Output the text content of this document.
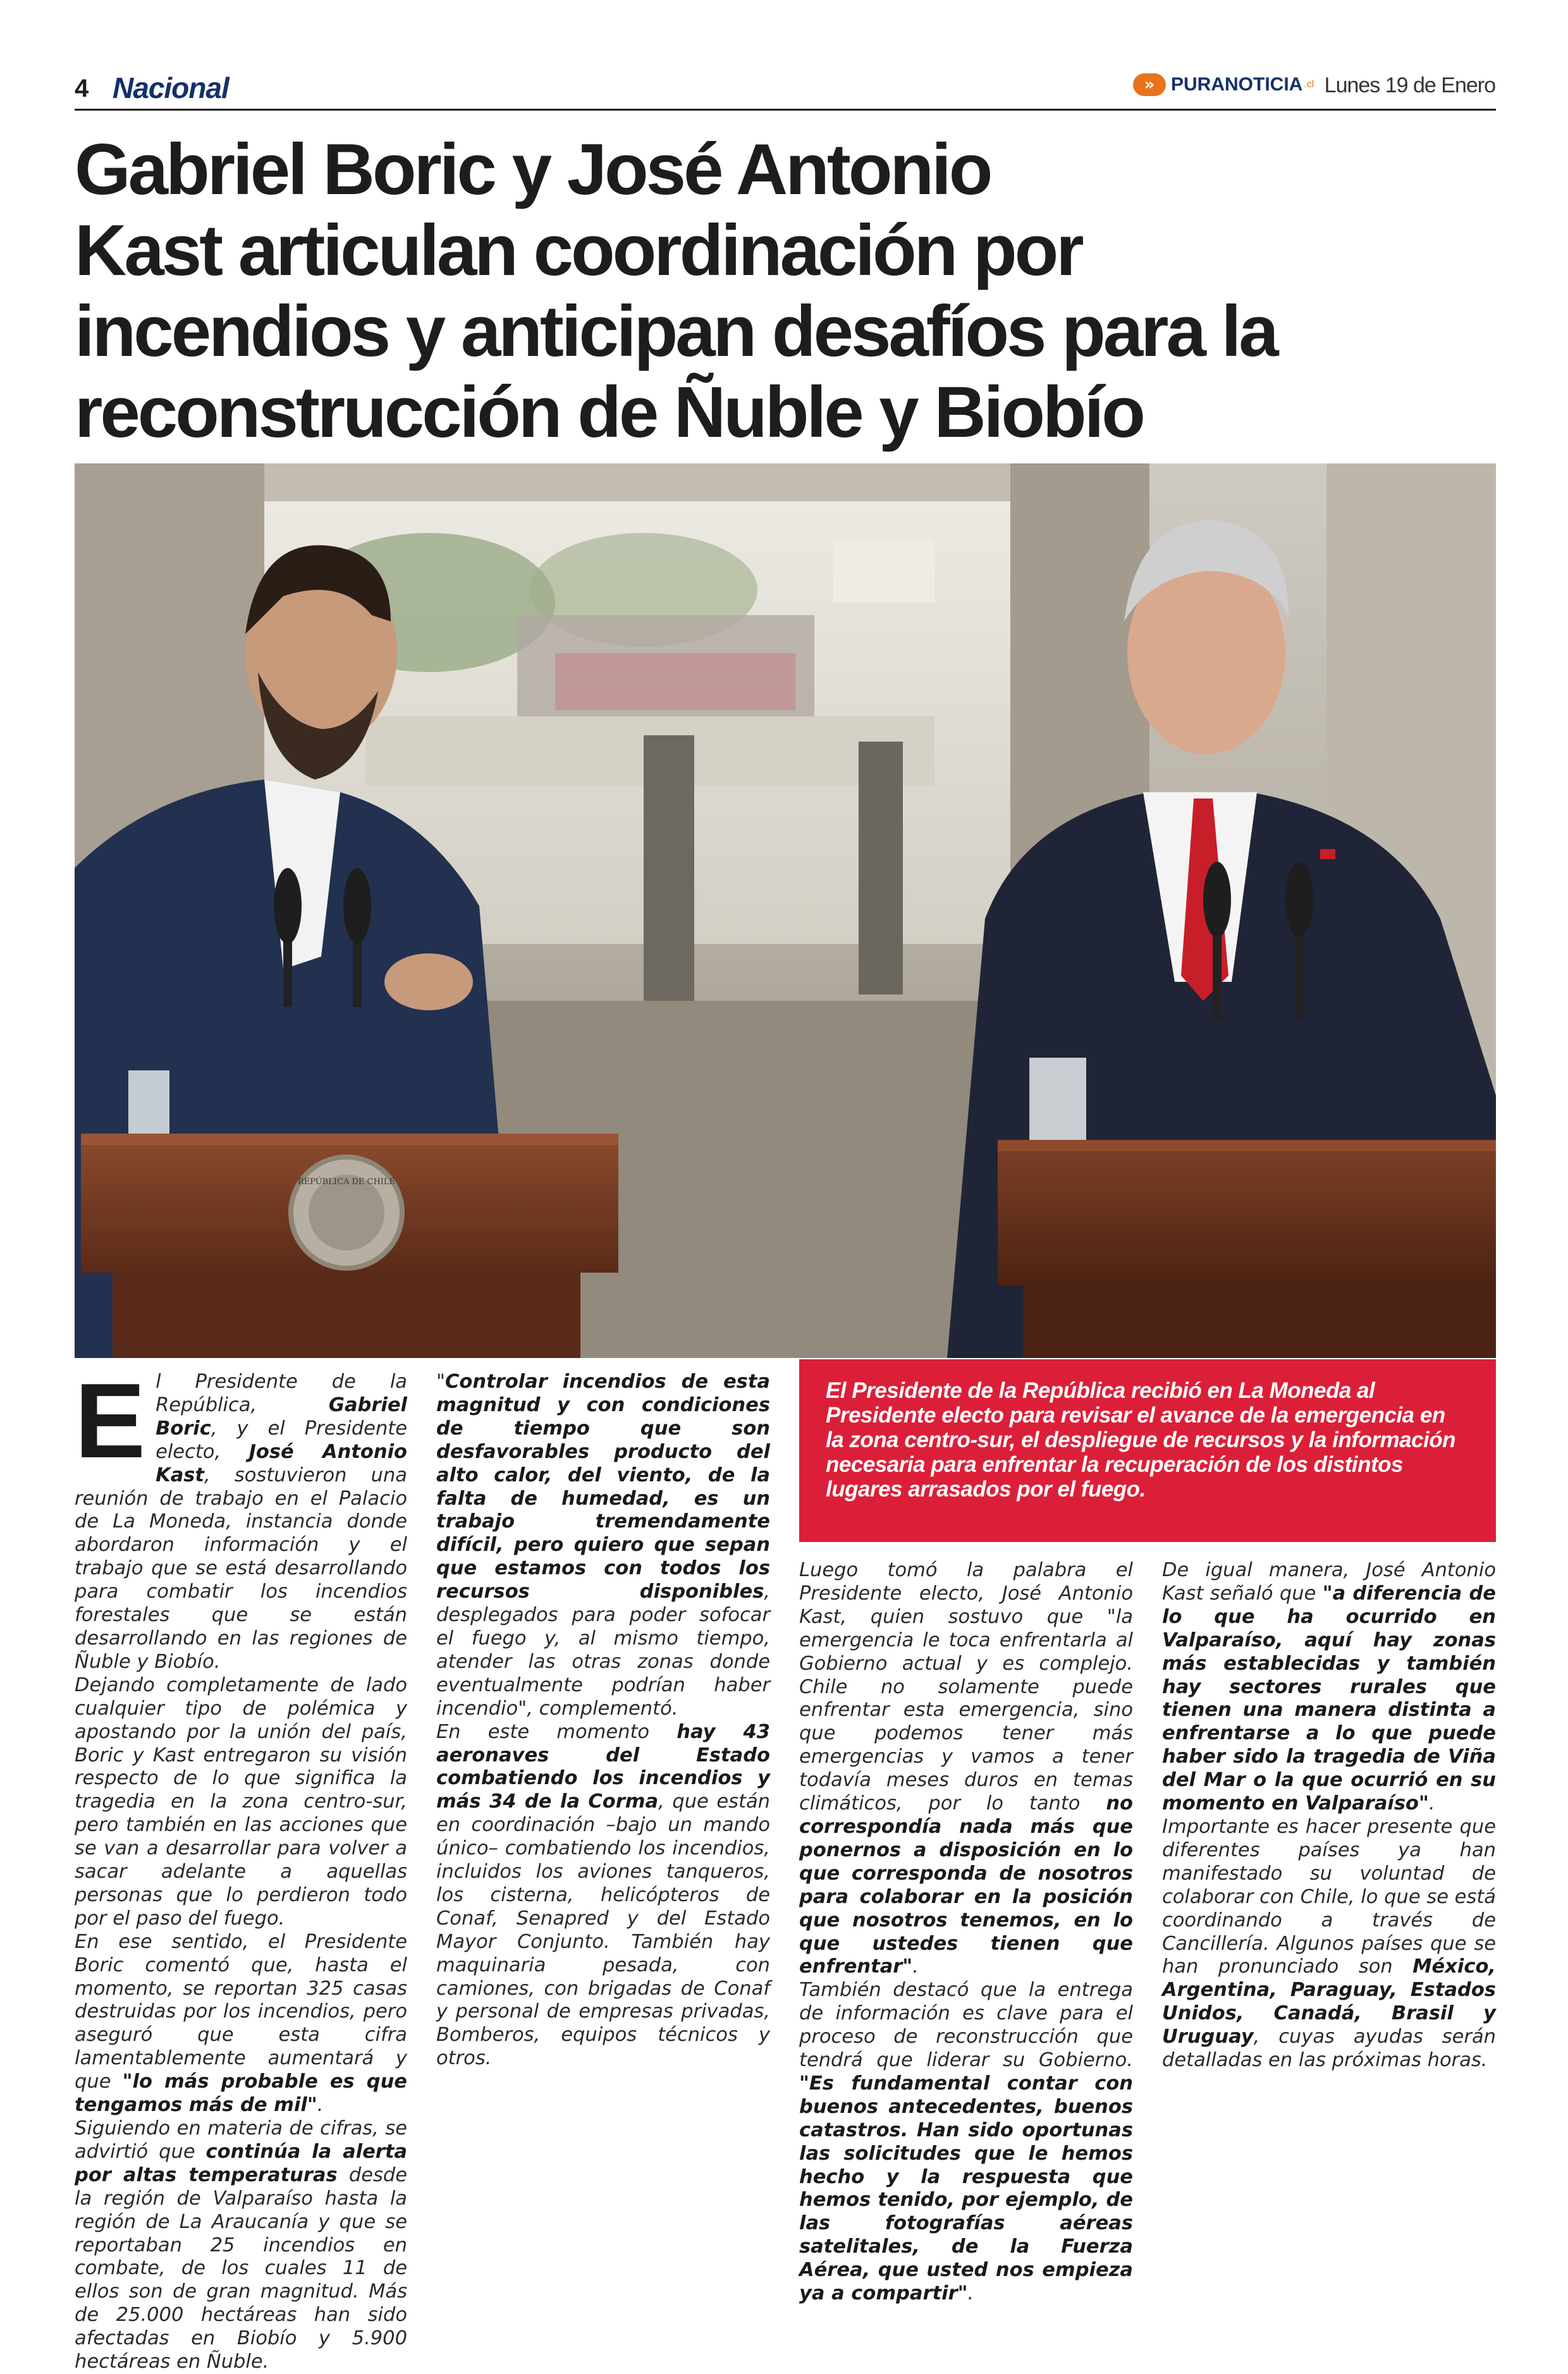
4 Nacional	» PURANOTICIA .cl Lunes 19 de Enero
Gabriel Boric y José Antonio
Kast articulan coordinación por
incendios y anticipan desafíos para la
reconstrucción de Ñuble y Biobío
REPÚBLICA DE CHILE
El Presidente de la República recibió en La Moneda al
Presidente electo para revisar el avance de la emergencia en
la zona centro-sur, el despliegue de recursos y la información
necesaria para enfrentar la recuperación de los distintos
lugares arrasados por el fuego.
E l Presidente de la República, Gabriel Boric, y el Presidente electo, José Antonio Kast, sostuvieron una reunión de trabajo en el Palacio de La Moneda, instancia donde abordaron información y el trabajo que se está desarrollando para combatir los incendios forestales que se están desarrollando en las regiones de Ñuble y Biobío.

Dejando completamente de lado cualquier tipo de polémica y apostando por la unión del país, Boric y Kast entregaron su visión respecto de lo que significa la tragedia en la zona centro-sur, pero también en las acciones que se van a desarrollar para volver a sacar adelante a aquellas personas que lo perdieron todo por el paso del fuego.

En ese sentido, el Presidente Boric comentó que, hasta el momento, se reportan 325 casas destruidas por los incendios, pero aseguró que esta cifra lamentablemente aumentará y que "lo más probable es que tengamos más de mil".

Siguiendo en materia de cifras, se advirtió que continúa la alerta por altas temperaturas desde la región de Valparaíso hasta la región de La Araucanía y que se reportaban 25 incendios en combate, de los cuales 11 de ellos son de gran magnitud. Más de 25.000 hectáreas han sido afectadas en Biobío y 5.900 hectáreas en Ñuble.

"Controlar incendios de esta magnitud y con condiciones de tiempo que son desfavorables producto del alto calor, del viento, de la falta de humedad, es un trabajo tremendamente difícil, pero quiero que sepan que estamos con todos los recursos disponibles, desplegados para poder sofocar el fuego y, al mismo tiempo, atender las otras zonas donde eventualmente podrían haber incendio", complementó.

En este momento hay 43 aeronaves del Estado combatiendo los incendios y más 34 de la Corma, que están en coordinación –bajo un mando único– combatiendo los incendios, incluidos los aviones tanqueros, los cisterna, helicópteros de Conaf, Senapred y del Estado Mayor Conjunto. También hay maquinaria pesada, con camiones, con brigadas de Conaf y personal de empresas privadas, Bomberos, equipos técnicos y otros.

Luego tomó la palabra el Presidente electo, José Antonio Kast, quien sostuvo que "la emergencia le toca enfrentarla al Gobierno actual y es complejo. Chile no solamente puede enfrentar esta emergencia, sino que podemos tener más emergencias y vamos a tener todavía meses duros en temas climáticos, por lo tanto no correspondía nada más que ponernos a disposición en lo que corresponda de nosotros para colaborar en la posición que nosotros tenemos, en lo que ustedes tienen que enfrentar".

También destacó que la entrega de información es clave para el proceso de reconstrucción que tendrá que liderar su Gobierno. "Es fundamental contar con buenos antecedentes, buenos catastros. Han sido oportunas las solicitudes que le hemos hecho y la respuesta que hemos tenido, por ejemplo, de las fotografías aéreas satelitales, de la Fuerza Aérea, que usted nos empieza ya a compartir".

De igual manera, José Antonio Kast señaló que "a diferencia de lo que ha ocurrido en Valparaíso, aquí hay zonas más establecidas y también hay sectores rurales que tienen una manera distinta a enfrentarse a lo que puede haber sido la tragedia de Viña del Mar o la que ocurrió en su momento en Valparaíso".

Importante es hacer presente que diferentes países ya han manifestado su voluntad de colaborar con Chile, lo que se está coordinando a través de Cancillería. Algunos países que se han pronunciado son México, Argentina, Paraguay, Estados Unidos, Canadá, Brasil y Uruguay, cuyas ayudas serán detalladas en las próximas horas.
